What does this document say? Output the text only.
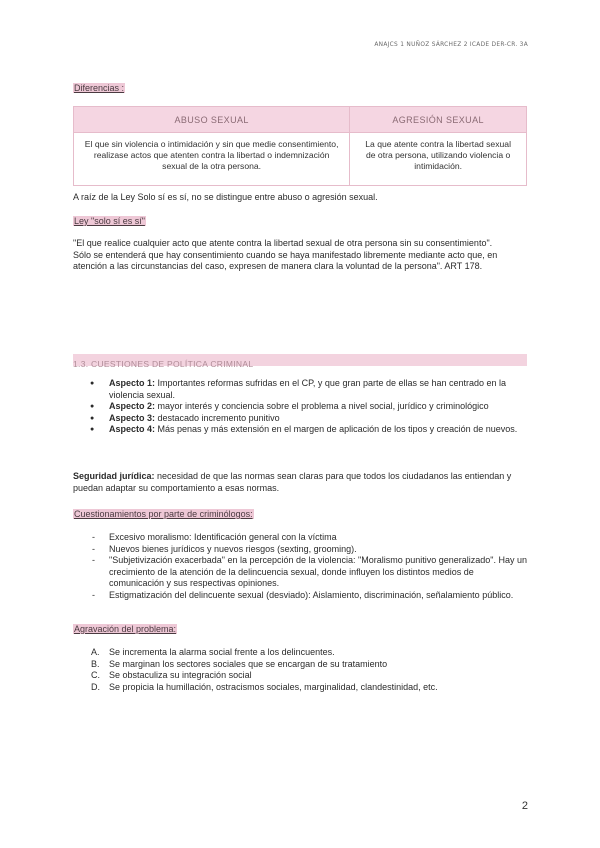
ANAJCS 1 NUÑOZ SÁRCHEZ 2 ICADE DER-CR. 3A
Diferencias :
ABUSO SEXUAL	AGRESIÓN SEXUAL
El que sin violencia o intimidación y sin que medie consentimiento, realizase actos que atenten contra la libertad o indemnización sexual de la otra persona.	La que atente contra la libertad sexual de otra persona, utilizando violencia o intimidación.

A raíz de la Ley Solo sí es sí, no se distingue entre abuso o agresión sexual.

Ley "solo sí es sí"

"El que realice cualquier acto que atente contra la libertad sexual de otra persona sin su consentimiento".

Sólo se entenderá que hay consentimiento cuando se haya manifestado libremente mediante acto que, en atención a las circunstancias del caso, expresen de manera clara la voluntad de la persona". ART 178.

1.3. CUESTIONES DE POLÍTICA CRIMINAL
● Aspecto 1: Importantes reformas sufridas en el CP, y que gran parte de ellas se han centrado en la violencia sexual.
● Aspecto 2: mayor interés y conciencia sobre el problema a nivel social, jurídico y criminológico
● Aspecto 3: destacado incremento punitivo
● Aspecto 4: Más penas y más extensión en el margen de aplicación de los tipos y creación de nuevos.

Seguridad jurídica: necesidad de que las normas sean claras para que todos los ciudadanos las entiendan y puedan adaptar su comportamiento a esas normas.

Cuestionamientos por parte de criminólogos:
- Excesivo moralismo: Identificación general con la víctima
- Nuevos bienes jurídicos y nuevos riesgos (sexting, grooming).
- "Subjetivización exacerbada" en la percepción de la violencia: "Moralismo punitivo generalizado". Hay un crecimiento de la atención de la delincuencia sexual, donde influyen los distintos medios de comunicación y sus respectivas opiniones.
- Estigmatización del delincuente sexual (desviado): Aislamiento, discriminación, señalamiento público.
Agravación del problema:
A. Se incrementa la alarma social frente a los delincuentes.
B. Se marginan los sectores sociales que se encargan de su tratamiento
C. Se obstaculiza su integración social
D. Se propicia la humillación, ostracismos sociales, marginalidad, clandestinidad, etc.
2
